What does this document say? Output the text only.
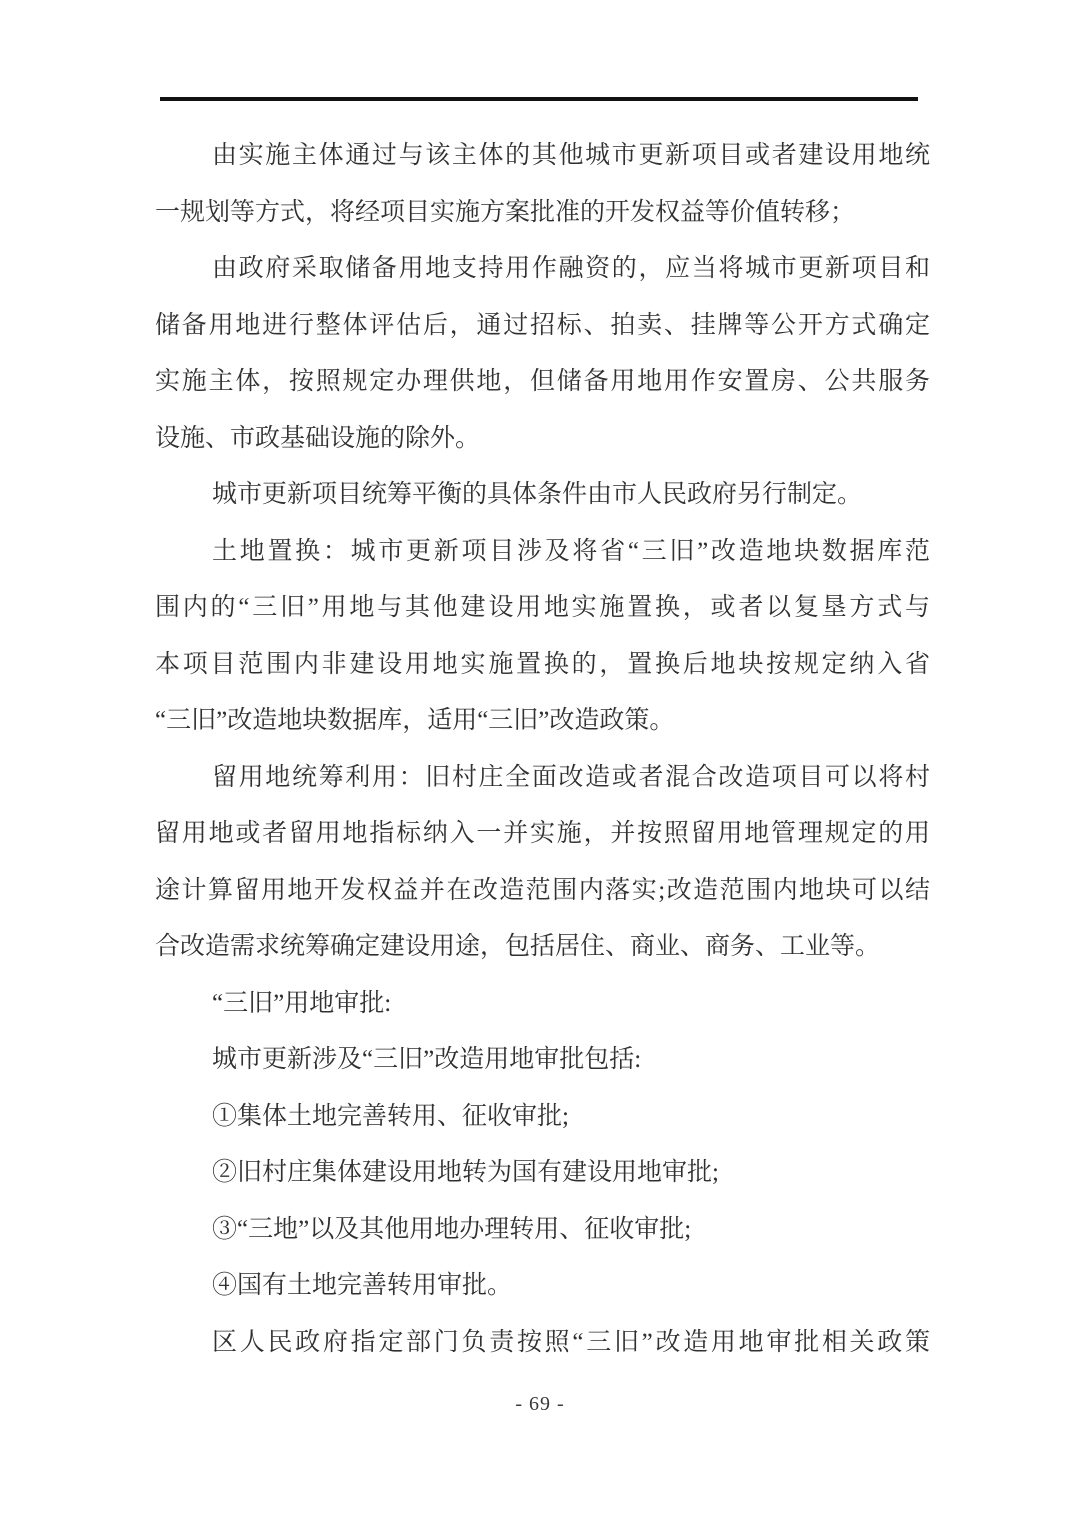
由实施主体通过与该主体的其他城市更新项目或者建设用地统
一规划等方式，将经项目实施方案批准的开发权益等价值转移；
由政府采取储备用地支持用作融资的，应当将城市更新项目和
储备用地进行整体评估后，通过招标、拍卖、挂牌等公开方式确定
实施主体，按照规定办理供地，但储备用地用作安置房、公共服务
设施、市政基础设施的除外。
城市更新项目统筹平衡的具体条件由市人民政府另行制定。
土地置换：城市更新项目涉及将省“三旧”改造地块数据库范
围内的“三旧”用地与其他建设用地实施置换，或者以复垦方式与
本项目范围内非建设用地实施置换的，置换后地块按规定纳入省
“三旧”改造地块数据库，适用“三旧”改造政策。
留用地统筹利用：旧村庄全面改造或者混合改造项目可以将村
留用地或者留用地指标纳入一并实施，并按照留用地管理规定的用
途计算留用地开发权益并在改造范围内落实;改造范围内地块可以结
合改造需求统筹确定建设用途，包括居住、商业、商务、工业等。
“三旧”用地审批:
城市更新涉及“三旧”改造用地审批包括:
①集体土地完善转用、征收审批;
②旧村庄集体建设用地转为国有建设用地审批;
③“三地”以及其他用地办理转用、征收审批;
④国有土地完善转用审批。
区人民政府指定部门负责按照“三旧”改造用地审批相关政策
- 69 -
